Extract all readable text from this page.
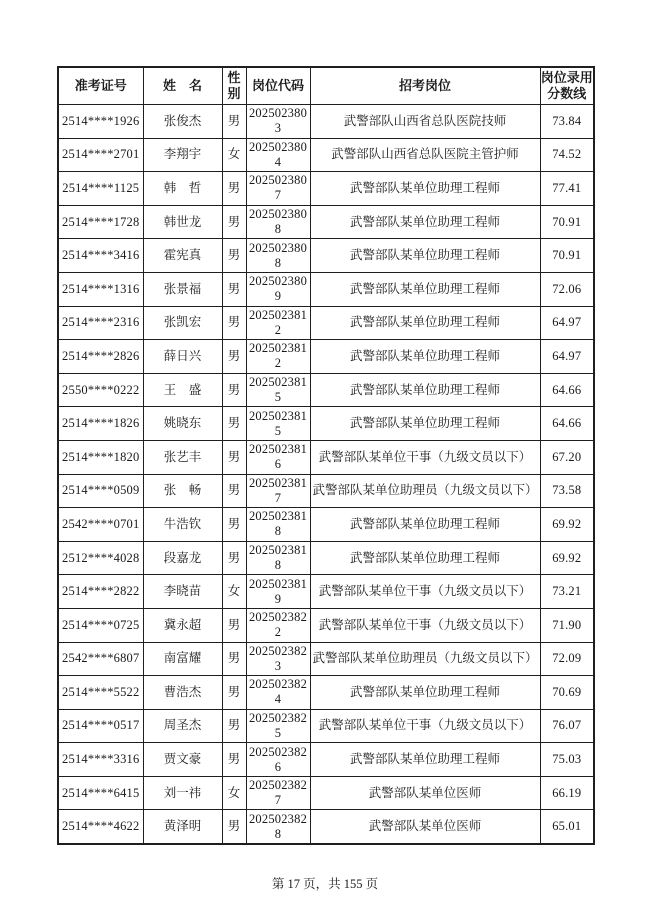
准考证号	姓　名	性别	岗位代码	招考岗位	岗位录用分数线
2514****1926	张俊杰	男	2025023803	武警部队山西省总队医院技师	73.84
2514****2701	李翔宇	女	2025023804	武警部队山西省总队医院主管护师	74.52
2514****1125	韩　哲	男	2025023807	武警部队某单位助理工程师	77.41
2514****1728	韩世龙	男	2025023808	武警部队某单位助理工程师	70.91
2514****3416	霍宪真	男	2025023808	武警部队某单位助理工程师	70.91
2514****1316	张景福	男	2025023809	武警部队某单位助理工程师	72.06
2514****2316	张凯宏	男	2025023812	武警部队某单位助理工程师	64.97
2514****2826	薛日兴	男	2025023812	武警部队某单位助理工程师	64.97
2550****0222	王　盛	男	2025023815	武警部队某单位助理工程师	64.66
2514****1826	姚晓东	男	2025023815	武警部队某单位助理工程师	64.66
2514****1820	张艺丰	男	2025023816	武警部队某单位干事（九级文员以下）	67.20
2514****0509	张　畅	男	2025023817	武警部队某单位助理员（九级文员以下）	73.58
2542****0701	牛浩钦	男	2025023818	武警部队某单位助理工程师	69.92
2512****4028	段嘉龙	男	2025023818	武警部队某单位助理工程师	69.92
2514****2822	李晓苗	女	2025023819	武警部队某单位干事（九级文员以下）	73.21
2514****0725	冀永超	男	2025023822	武警部队某单位干事（九级文员以下）	71.90
2542****6807	南富耀	男	2025023823	武警部队某单位助理员（九级文员以下）	72.09
2514****5522	曹浩杰	男	2025023824	武警部队某单位助理工程师	70.69
2514****0517	周圣杰	男	2025023825	武警部队某单位干事（九级文员以下）	76.07
2514****3316	贾文豪	男	2025023826	武警部队某单位助理工程师	75.03
2514****6415	刘一祎	女	2025023827	武警部队某单位医师	66.19
2514****4622	黄泽明	男	2025023828	武警部队某单位医师	65.01
第 17 页，共 155 页
